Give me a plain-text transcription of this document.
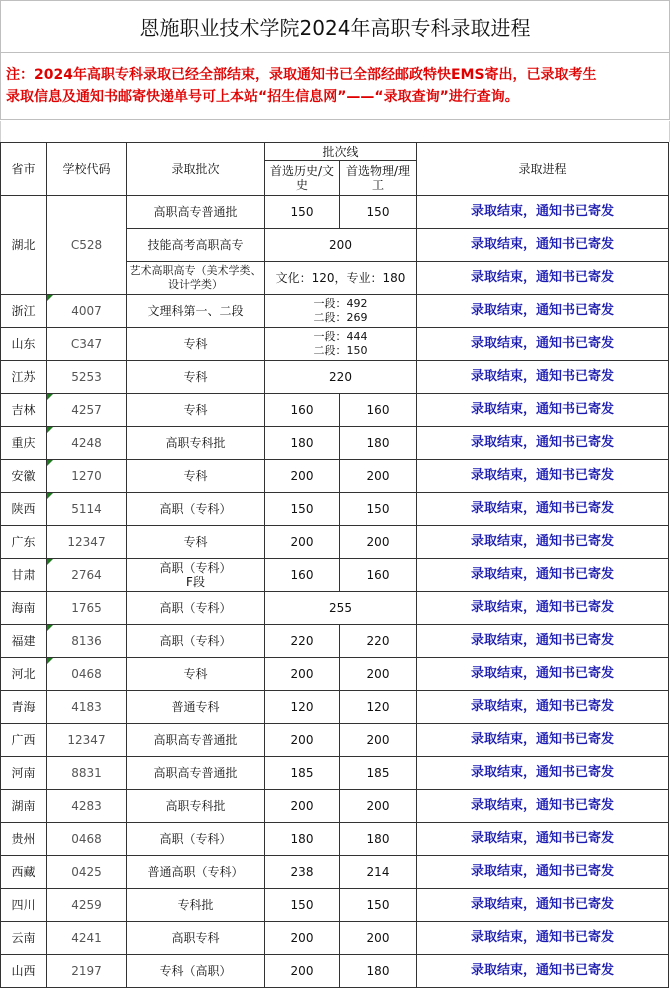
恩施职业技术学院2024年高职专科录取进程
注：2024年高职专科录取已经全部结束，录取通知书已全部经邮政特快EMS寄出，已录取考生
录取信息及通知书邮寄快递单号可上本站“招生信息网”——“录取查询”进行查询。
省市	学校代码	录取批次	批次线		录取进程
			首选历史/文史	首选物理/理工	
湖北	C528	高职高专普通批	150	150	录取结束，通知书已寄发
		技能高考高职高专	200		录取结束，通知书已寄发
		艺术高职高专（美术学类、设计学类）	文化：120，专业：180		录取结束，通知书已寄发
浙江	4007	文理科第一、二段	一段：492
二段：269		录取结束，通知书已寄发
山东	C347	专科	一段：444
二段：150		录取结束，通知书已寄发
江苏	5253	专科	220		录取结束，通知书已寄发
吉林	4257	专科	160	160	录取结束，通知书已寄发
重庆	4248	高职专科批	180	180	录取结束，通知书已寄发
安徽	1270	专科	200	200	录取结束，通知书已寄发
陕西	5114	高职（专科）	150	150	录取结束，通知书已寄发
广东	12347	专科	200	200	录取结束，通知书已寄发
甘肃	2764	高职（专科）
F段	160	160	录取结束，通知书已寄发
海南	1765	高职（专科）	255		录取结束，通知书已寄发
福建	8136	高职（专科）	220	220	录取结束，通知书已寄发
河北	0468	专科	200	200	录取结束，通知书已寄发
青海	4183	普通专科	120	120	录取结束，通知书已寄发
广西	12347	高职高专普通批	200	200	录取结束，通知书已寄发
河南	8831	高职高专普通批	185	185	录取结束，通知书已寄发
湖南	4283	高职专科批	200	200	录取结束，通知书已寄发
贵州	0468	高职（专科）	180	180	录取结束，通知书已寄发
西藏	0425	普通高职（专科）	238	214	录取结束，通知书已寄发
四川	4259	专科批	150	150	录取结束，通知书已寄发
云南	4241	高职专科	200	200	录取结束，通知书已寄发
山西	2197	专科（高职）	200	180	录取结束，通知书已寄发
